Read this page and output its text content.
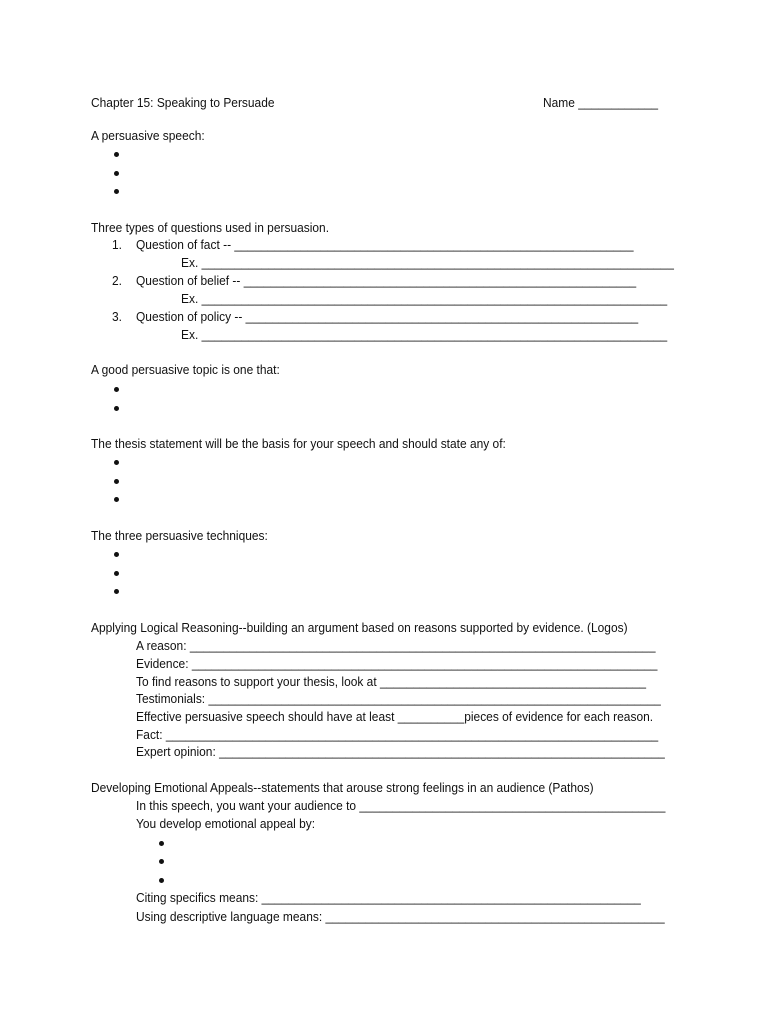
Chapter 15: Speaking to Persuade	Name ____________
A persuasive speech:
Three types of questions used in persuasion.
1. Question of fact -- ____________________________________________________________
Ex. _______________________________________________________________________
2. Question of belief -- ___________________________________________________________
Ex. ______________________________________________________________________
3. Question of policy -- ___________________________________________________________
Ex. ______________________________________________________________________
A good persuasive topic is one that:
The thesis statement will be the basis for your speech and should state any of:
The three persuasive techniques:
Applying Logical Reasoning--building an argument based on reasons supported by evidence. (Logos)
A reason: ______________________________________________________________________
Evidence: ______________________________________________________________________
To find reasons to support your thesis, look at ________________________________________
Testimonials: ____________________________________________________________________
Effective persuasive speech should have at least __________pieces of evidence for each reason.
Fact: __________________________________________________________________________
Expert opinion: ___________________________________________________________________
Developing Emotional Appeals--statements that arouse strong feelings in an audience (Pathos)
In this speech, you want your audience to ______________________________________________
You develop emotional appeal by:
Citing specifics means: _________________________________________________________
Using descriptive language means: ___________________________________________________
